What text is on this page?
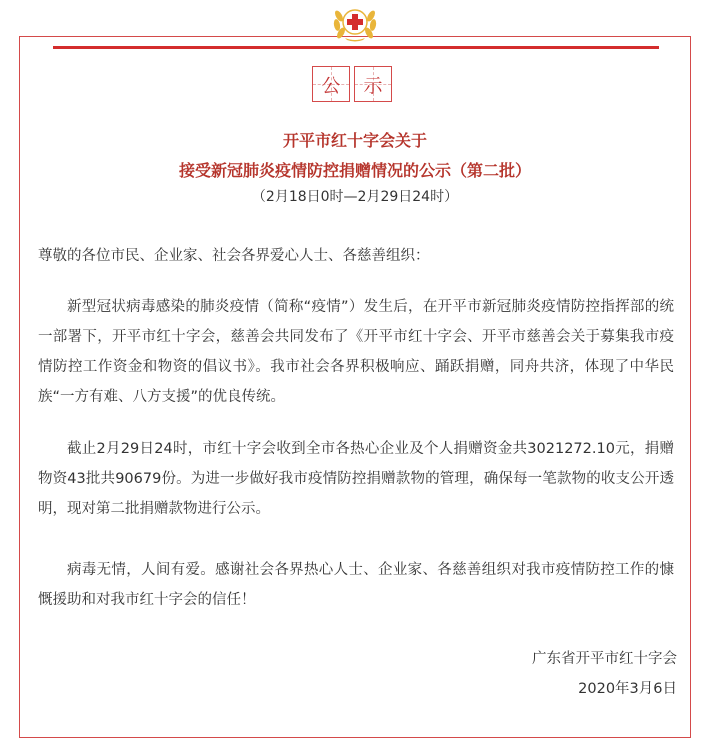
公 示
开平市红十字会关于
接受新冠肺炎疫情防控捐赠情况的公示（第二批）
（2月18日0时—2月29日24时）
尊敬的各位市民、企业家、社会各界爱心人士、各慈善组织：

新型冠状病毒感染的肺炎疫情（简称“疫情”）发生后，在开平市新冠肺炎疫情防控指挥部的统一部署下，开平市红十字会，慈善会共同发布了《开平市红十字会、开平市慈善会关于募集我市疫情防控工作资金和物资的倡议书》。我市社会各界积极响应、踊跃捐赠，同舟共济，体现了中华民族“一方有难、八方支援”的优良传统。

截止2月29日24时，市红十字会收到全市各热心企业及个人捐赠资金共3021272.10元，捐赠物资43批共90679份。为进一步做好我市疫情防控捐赠款物的管理，确保每一笔款物的收支公开透明，现对第二批捐赠款物进行公示。

病毒无情，人间有爱。感谢社会各界热心人士、企业家、各慈善组织对我市疫情防控工作的慷慨援助和对我市红十字会的信任！

广东省开平市红十字会
2020年3月6日
